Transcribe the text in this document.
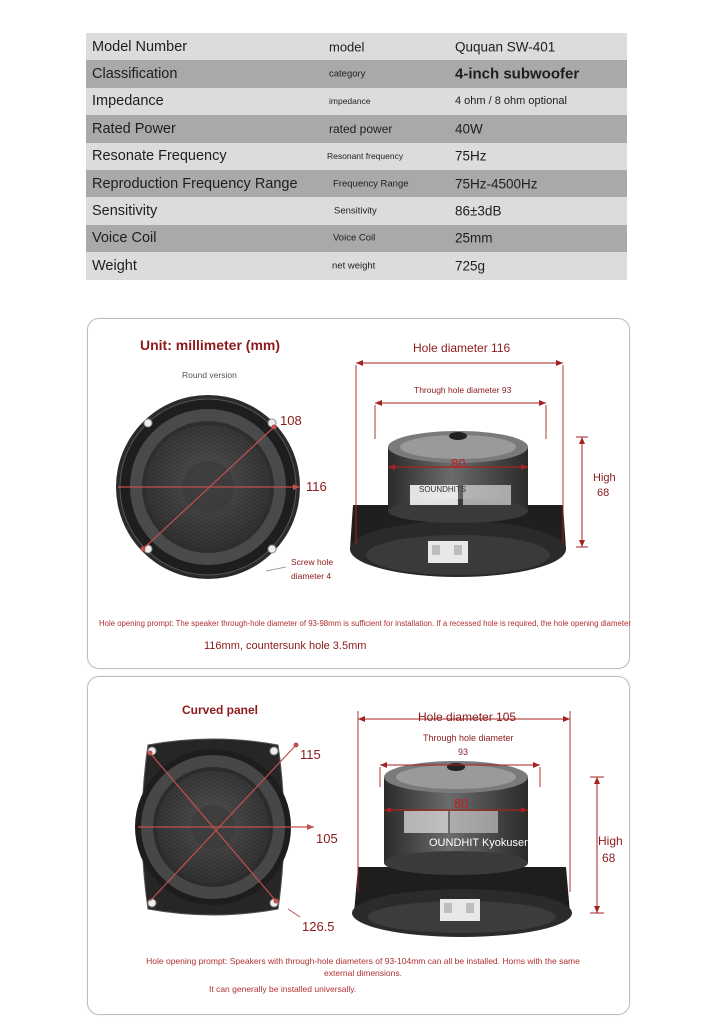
Model Number	model	Ququan SW-401
Classification	category	4-inch subwoofer
Impedance	impedance	4 ohm / 8 ohm optional
Rated Power	rated power	40W
Resonate Frequency	Resonant frequency	75Hz
Reproduction Frequency Range	Frequency Range	75Hz-4500Hz
Sensitivity	Sensitivity	86±3dB
Voice Coil	Voice Coil	25mm
Weight	net weight	725g
Unit: millimeter (mm)
Round version
108
116
Screw hole
diameter 4
Hole diameter 116
Through hole diameter 93
80
SOUNDHITS
High
68
Hole opening prompt: The speaker through-hole diameter of 93-98mm is sufficient for installation. If a recessed hole is required, the hole opening diameter
116mm, countersunk hole 3.5mm
Curved panel
115
105
126.5
Hole diameter 105
Through hole diameter
93
80
OUNDHIT Kyokusen	High
68
Hole opening prompt: Speakers with through-hole diameters of 93-104mm can all be installed. Horns with the same external dimensions.
It can generally be installed universally.
